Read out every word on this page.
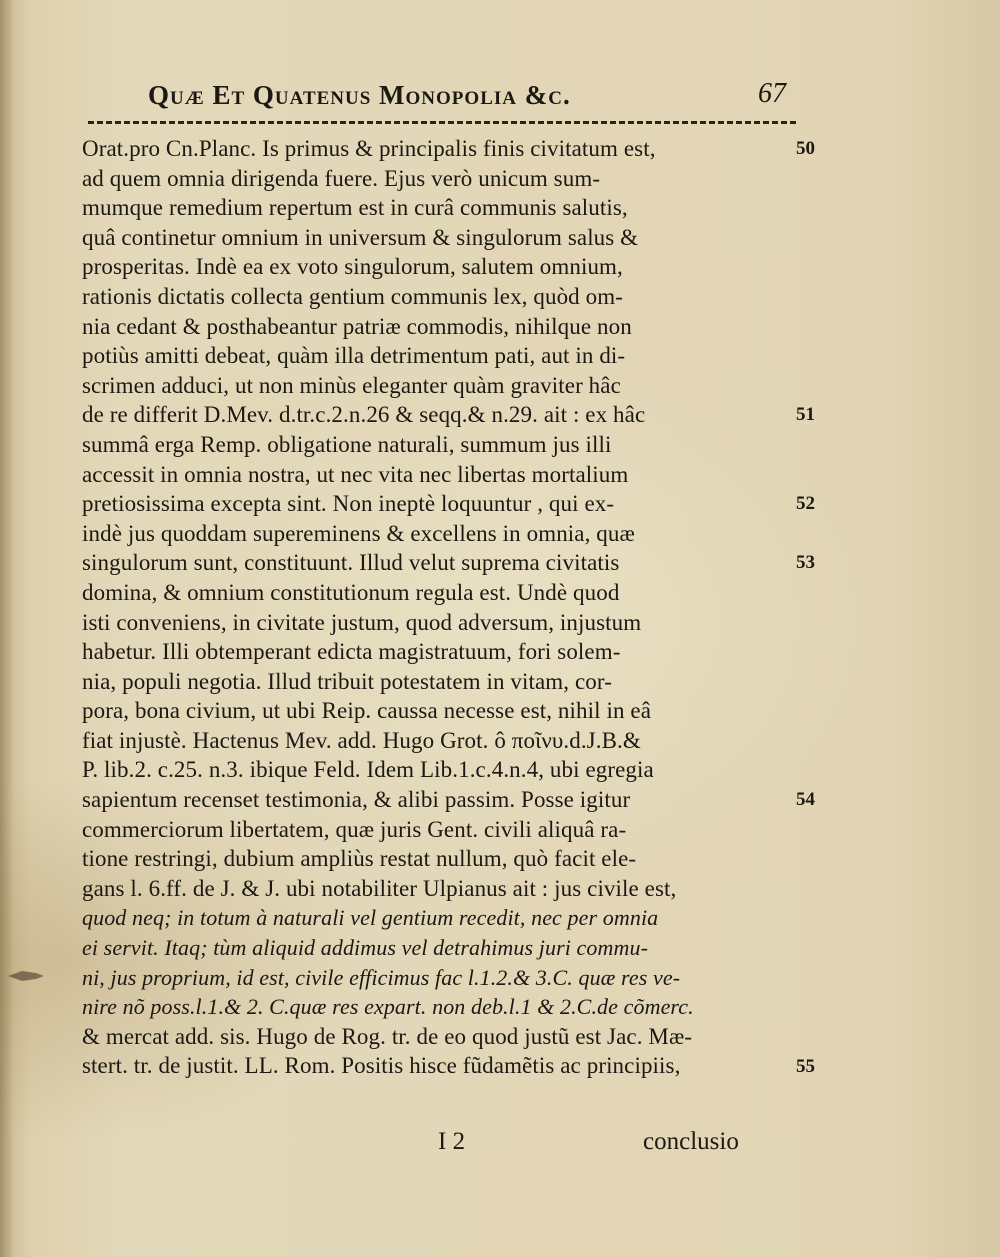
Quæ Et Quatenus Monopolia &c.	67
Orat.pro Cn.Planc. Is primus & principalis finis civitatum est,
ad quem omnia dirigenda fuere. Ejus verò unicum sum-
mumque remedium repertum est in curâ communis salutis,
quâ continetur omnium in universum & singulorum salus &
prosperitas. Indè ea ex voto singulorum, salutem omnium,
rationis dictatis collecta gentium communis lex, quòd om-
nia cedant & posthabeantur patriæ commodis, nihilque non
potiùs amitti debeat, quàm illa detrimentum pati, aut in di-
scrimen adduci, ut non minùs eleganter quàm graviter hâc
de re differit D.Mev. d.tr.c.2.n.26 & seqq.& n.29. ait : ex hâc
summâ erga Remp. obligatione naturali, summum jus illi
accessit in omnia nostra, ut nec vita nec libertas mortalium
pretiosissima excepta sint. Non ineptè loquuntur , qui ex-
indè jus quoddam supereminens & excellens in omnia, quæ
singulorum sunt, constituunt. Illud velut suprema civitatis
domina, & omnium constitutionum regula est. Undè quod
isti conveniens, in civitate justum, quod adversum, injustum
habetur. Illi obtemperant edicta magistratuum, fori solem-
nia, populi negotia. Illud tribuit potestatem in vitam, cor-
pora, bona civium, ut ubi Reip. caussa necesse est, nihil in eâ
fiat injustè. Hactenus Mev. add. Hugo Grot. ô ποῖνυ.d.J.B.&
P. lib.2. c.25. n.3. ibique Feld. Idem Lib.1.c.4.n.4, ubi egregia
sapientum recenset testimonia, & alibi passim. Posse igitur
commerciorum libertatem, quæ juris Gent. civili aliquâ ra-
tione restringi, dubium ampliùs restat nullum, quò facit ele-
gans l. 6.ff. de J. & J. ubi notabiliter Ulpianus ait : jus civile est,
quod neq; in totum à naturali vel gentium recedit, nec per omnia
ei servit. Itaq; tùm aliquid addimus vel detrahimus juri commu-
ni, jus proprium, id est, civile efficimus fac l.1.2.& 3.C. quæ res ve-
nire nõ poss.l.1.& 2. C.quæ res expart. non deb.l.1 & 2.C.de cõmerc.
& mercat add. sis. Hugo de Rog. tr. de eo quod justũ est Jac. Mæ-
stert. tr. de justit. LL. Rom. Positis hisce fũdamẽtis ac principiis,
50
51
52
53
54
55
I 2	conclusio
